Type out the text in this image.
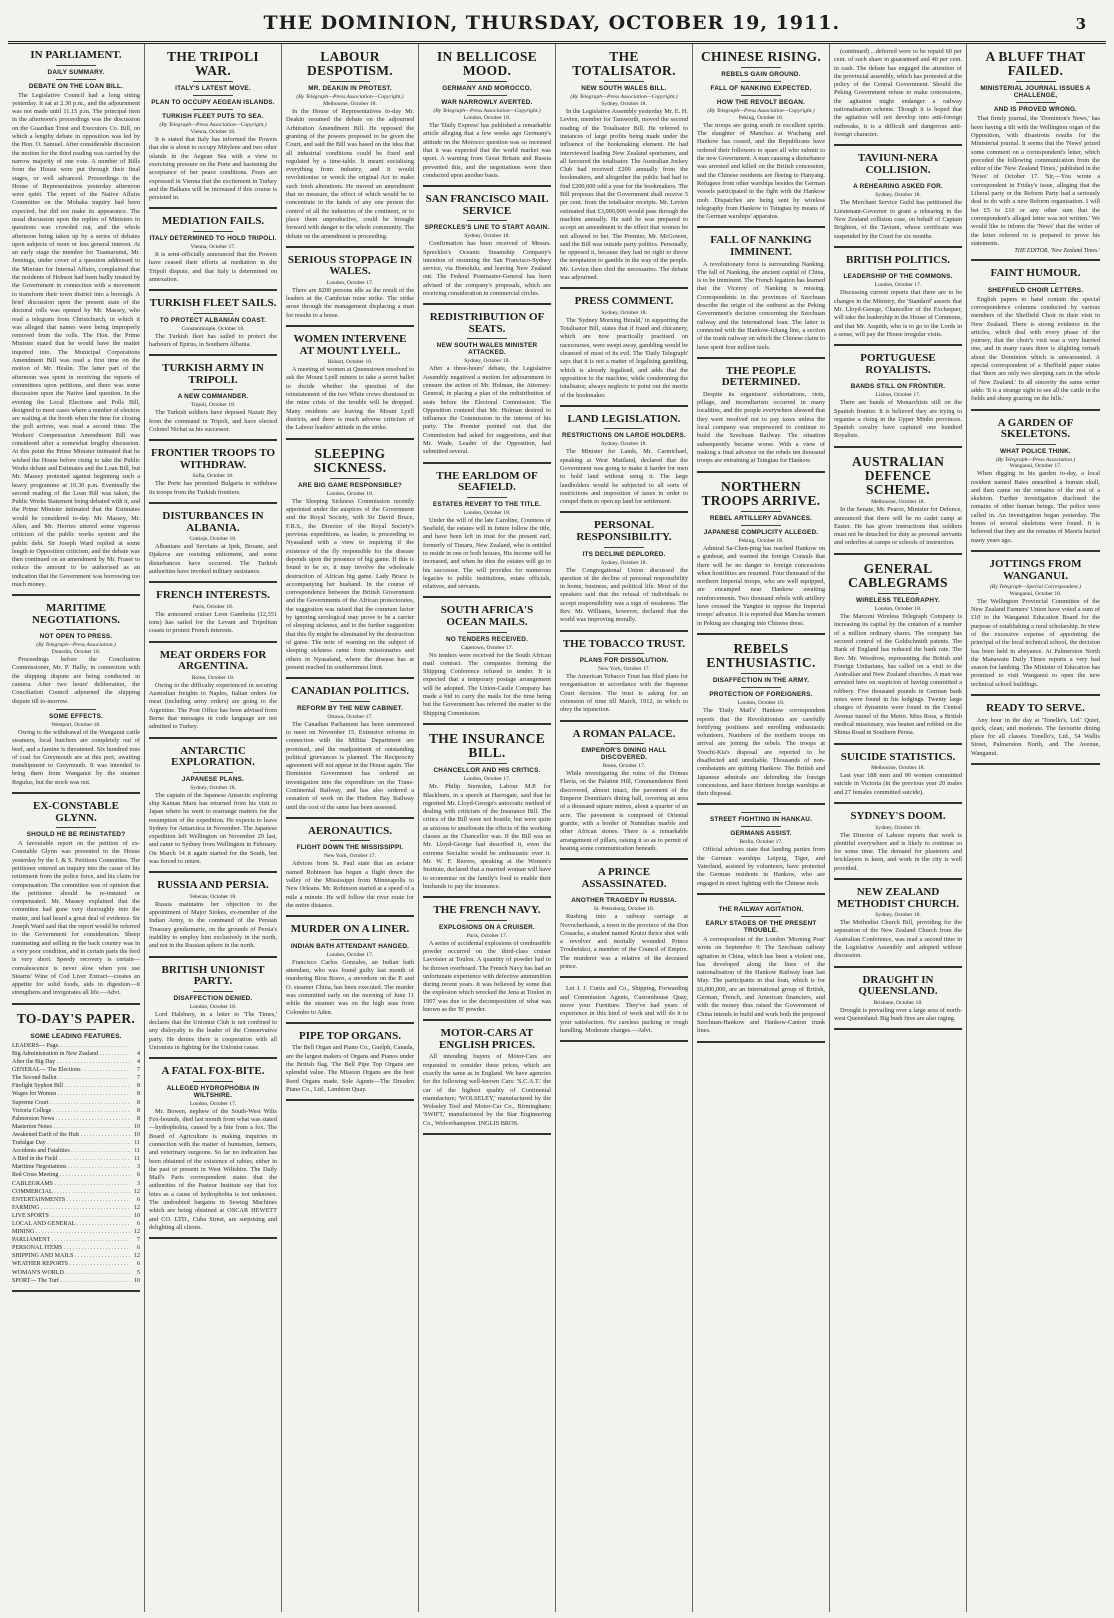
THE DOMINION, THURSDAY, OCTOBER 19, 1911.	3
IN PARLIAMENT.
DAILY SUMMARY.
DEBATE ON THE LOAN BILL.
The Legislative Council had a long sitting yesterday. It sat at 2.30 p.m., and the adjournment was not made until 11.15 p.m. The principal item in the afternoon's proceedings was the discussion on the Guardian Trust and Executors Co. Bill, on which a lengthy debate in opposition was led by the Hon. O. Samuel. After considerable discussion the motion for the third reading was carried by the narrow majority of one vote. A number of Bills from the House were put through their final stages, or well advanced. Proceedings in the House of Representatives yesterday afternoon were quiet. The report of the Native Affairs Committee on the Mohaka inquiry had been expected, but did not make its appearance. The usual discussion upon the replies of Ministers to questions was crowded out, and the whole afternoon being taken up by a series of debates upon subjects of more or less general interest. At an early stage the member for Tuamarunui, Mr. Jennings, under cover of a question addressed to the Minister for Internal Affairs, complained that the residents of Hobson had been badly treated by the Government in connection with a movement to transform their town district into a borough. A brief discussion upon the present state of the doctoral rolls was opened by Mr. Massey, who read a telegram from Christchurch, in which it was alleged that names were being improperly removed from the rolls. The Hon. the Prime Minister stated that he would have the matter inquired into. The Municipal Corporations Amendment Bill was read a first time on the motion of Mr. Heslin. The latter part of the afternoon was spent in receiving the reports of committees upon petitions, and there was some discussion upon the Native land question. In the evening the Local Elections and Polls Bill, designed to meet cases where a number of electors are waiting at the booth when the time for closing the poll arrives, was read a second time. The Workers' Compensation Amendment Bill was considered after a somewhat lengthy discussion. At this point the Prime Minister intimated that he wished the House before rising to take the Public Works debate and Estimates and the Loan Bill, but Mr. Massey protested against beginning such a heavy programme at 10.30 p.m. Eventually the second reading of the Loan Bill was taken, the Public Works Statement being debated with it, and the Prime Minister intimated that the Estimates would be considered to-day. Mr. Massey, Mr. Allen, and Mr. Herries uttered some vigorous criticism of the public works system and the public debt. Sir Joseph Ward replied at some length to Opposition criticism, and the debate was then continued on an amendment by Mr. Fraser to reduce the amount to be authorised as an indication that the Government was borrowing too much money.
MARITIME NEGOTIATIONS.
NOT OPEN TO PRESS.
(By Telegraph—Press Association.)
Dunedin, October 18.
Proceedings before the Conciliation Commissioner, Mr. P. Hally, in connection with the shipping dispute are being conducted in camera. After two hours' deliberation, the Conciliation Council adjourned the shipping dispute till to-morrow.
SOME EFFECTS.
Westport, October 18.
Owing to the withdrawal of the Wanganui cattle steamers, local butchers are completely out of beef, and a famine is threatened. Six hundred tons of coal for Greymouth are at this port, awaiting transhipment to Greymouth. It was intended to bring them from Wanganui by the steamer Regulus, but the stock was out.
EX-CONSTABLE GLYNN.
SHOULD HE BE REINSTATED?
A favourable report on the petition of ex-Constable Glynn was presented to the House yesterday by the I. & S. Petitions Committee. The petitioner entered an inquiry into the cause of his retirement from the police force, and his claim for compensation. The committee was of opinion that the petitioner should be re-instated or compensated. Mr. Massey explained that the committee had gone very thoroughly into the matter, and had heard a great deal of evidence. Sir Joseph Ward said that the report would be referred to the Government for consideration. Sheep ruminating and selling in the back country was in a very poor condition, and in certain parts the feed is very short. Speedy recovery is certain—convalescence is never slow when you use Stearns' Wine of Cod Liver Extract—creates an appetite for solid foods, aids in digestion—it strengthens and invigorates all life.—Advt.
TO-DAY'S PAPER.
SOME LEADING FEATURES.
LEADERS— Page. . . .
Big Administration in New Zealand . . .	4
After the Big Day . . .	4
GENERAL— The Elections . . .	7
The Second Ballot . . .	7
Firelight Syphon Bill . . .	8
Wages for Women . . .	8
Supreme Court . . .	8
Victoria College . . .	8
Palmerston News . . .	8
Masterton Notes . . .	10
Awakened Earth of the Hutt . . .	10
Trafalgar Day . . .	11
Accidents and Fatalities . . .	11
A Bird in the Field . . .	11
Maritime Negotiations . . .	3
Red Cross Meeting . . .	6
CABLEGRAMS . . .	3
COMMERCIAL . . .	12
ENTERTAINMENTS . . .	6
FARMING . . .	12
LIVE SPORTS . . .	10
LOCAL AND GENERAL . . .	6
MINING . . .	12
PARLIAMENT . . .	7
PERSONAL ITEMS . . .	6
SHIPPING AND MAILS . . .	12
WEATHER REPORTS . . .	6
WOMAN'S WORLD . . .	5
SPORT— The Turf . . .	10
THE TRIPOLI WAR.
ITALY'S LATEST MOVE.
PLAN TO OCCUPY AEGEAN ISLANDS.
TURKISH FLEET PUTS TO SEA.
(By Telegraph—Press Association—Copyright.)
Vienna, October 18.
It is stated that Italy has informed the Powers that she is about to occupy Mitylene and two other islands in the Aegean Sea with a view to exercising pressure on the Porte and hastening the acceptance of her peace conditions. Fears are expressed in Vienna that the excitement in Turkey and the Balkans will be increased if this course is persisted in.
MEDIATION FAILS.
ITALY DETERMINED TO HOLD TRIPOLI.
Vienna, October 17.
It is semi-officially announced that the Powers have ceased their efforts at mediation in the Tripoli dispute, and that Italy is determined on annexation.
TURKISH FLEET SAILS.
TO PROTECT ALBANIAN COAST.
Constantinople, October 18.
The Turkish fleet has sailed to protect the harbours of Epirus, in Southern Albania.
TURKISH ARMY IN TRIPOLI.
A NEW COMMANDER.
Tripoli, October 18.
The Turkish soldiers have deposed Nazair Bey from the command in Tripoli, and have elected Colonel Nichat as his successor.
FRONTIER TROOPS TO WITHDRAW.
Sofia, October 18.
The Porte has promised Bulgaria to withdraw its troops from the Turkish frontiers.
DISTURBANCES IN ALBANIA.
Cettinje, October 18.
Albanians and Servians at Ipek, Broane, and Djakova are resisting enlistment, and some disturbances have occurred. The Turkish authorities have invoked military assistance.
FRENCH INTERESTS.
Paris, October 18.
The armoured cruiser Leon Gambetta (12,351 tons) has sailed for the Levant and Tripolitan coasts to protect French interests.
MEAT ORDERS FOR ARGENTINA.
Rome, October 18.
Owing to the difficulty experienced in securing Australian freights to Naples, Italian orders for meat (including army orders) are going to the Argentine. The Post Office has been advised from Berne that messages in code language are not admitted to Turkey.
ANTARCTIC EXPLORATION.
JAPANESE PLANS.
Sydney, October 18.
The captain of the Japanese Antarctic exploring ship Kainan Maru has returned from his visit to Japan where he went to rearrange matters for the resumption of the expedition. He expects to leave Sydney for Antarctica in November. The Japanese expedition left Wellington on November 29 last, and came to Sydney from Wellington in February. On March 14 it again started for the South, but was forced to return.
RUSSIA AND PERSIA.
Teheran, October 18.
Russia maintains her objection to the appointment of Major Stokes, ex-member of the Indian Army, to the command of the Persian Treasury gendarmerie, on the grounds of Persia's inability to employ him exclusively in the north, and not in the Russian sphere in the north.
BRITISH UNIONIST PARTY.
DISAFFECTION DENIED.
London, October 18.
Lord Halsbury, in a letter to 'The Times,' declares that the Unionist Club is not confined to any disloyalty to the leader of the Conservative party. He denies there is cooperation with all Unionists in fighting for the Unionist cause.
A FATAL FOX-BITE.
ALLEGED HYDROPHOBIA IN WILTSHIRE.
London, October 17.
Mr. Bowen, nephew of the South-West Wilts Fox-hounds, died last month from what was stated—hydrophobia, caused by a bite from a fox. The Board of Agriculture is making inquiries in connection with the matter of huntsmen, farmers, and veterinary surgeons. So far no indication has been obtained of the existence of rabies, either in the past or present in West Wiltshire. The Daily Mail's Paris correspondent states that the authorities of the Pasteur Institute say that fox bites as a cause of hydrophobia is not unknown. The undoubted bargains in Sewing Machines which are being obtained at OSCAR HEWETT and CO. LTD., Cuba Street, are surprising and delighting all clients.
LABOUR DESPOTISM.
MR. DEAKIN IN PROTEST.
(By Telegraph—Press Association—Copyright.)
Melbourne, October 18.
In the House of Representatives to-day Mr. Deakin resumed the debate on the adjourned Arbitration Amendment Bill. He opposed the granting of the powers proposed to be given the Court, and said the Bill was based on the idea that all industrial conditions could be fixed and regulated by a time-table. It meant socialising everything from industry, and it would revolutionise or wreck the original Act to make such fresh alterations. He moved an amendment that no measure, the effect of which would be to concentrate in the hands of any one person the control of all the industries of the continent, or to place them unproductive, could be brought forward with danger to the whole community. The debate on the amendment is proceeding.
SERIOUS STOPPAGE IN WALES.
London, October 17.
There are 8200 persons idle as the result of the leaders at the Cambrian mine strike. The strike arose through the management displacing a man for results to a horse.
WOMEN INTERVENE AT MOUNT LYELL.
Hobart, October 18.
A meeting of women at Queenstown resolved to ask the Mount Lyell miners to take a secret ballot to decide whether the question of the reinstatement of the two White crews dismissed in the mine crisis of the trouble will be dropped. Many residents are leaving the Mount Lyell districts, and there is much adverse criticism of the Labour leaders' attitude in the strike.
SLEEPING SICKNESS.
ARE BIG GAME RESPONSIBLE?
London, October 18.
The Sleeping Sickness Commission recently appointed under the auspices of the Government and the Royal Society, with Sir David Bruce, F.R.S., the Director of the Royal Society's previous expeditions, as leader, is proceeding to Nyasaland with a view to inquiring if the existence of the fly responsible for the disease depends upon the presence of big game. If this is found to be so, it may involve the wholesale destruction of African big game. Lady Bruce is accompanying her husband. In the course of correspondence between the British Government and the Governments of the African protectorates, the suggestion was raised that the common factor by ignoring serological may prove to be a carrier of sleeping sickness, and to the further suggestion that this fly might be eliminated by the destruction of game. The note of warning on the subject of sleeping sickness came from missionaries and others in Nyasaland, where the disease has at present reached its southernmost limit.
CANADIAN POLITICS.
REFORM BY THE NEW CABINET.
Ottawa, October 17.
The Canadian Parliament has been summoned to meet on November 15. Extensive reforms in connection with the Militia Department are promised, and the readjustment of outstanding political grievances is planned. The Reciprocity agreement will not appear in the House again. The Dominion Government has ordered an investigation into the expenditure on the Trans-Continental Railway, and has also ordered a cessation of work on the Hudson Bay Railway until the cost of the same has been assessed.
AERONAUTICS.
FLIGHT DOWN THE MISSISSIPPI.
New York, October 17.
Advices from St. Paul state that an aviator named Robinson has begun a flight down the valley of the Mississippi from Minneapolis to New Orleans. Mr. Robinson started at a speed of a mile a minute. He will follow the river route for the entire distance.
MURDER ON A LINER.
INDIAN BATH ATTENDANT HANGED.
London, October 17.
Francisco Carlos Gonzales, an Indian bath attendant, who was found guilty last month of murdering Biou Bravo, a stevedore on the P. and O. steamer China, has been executed. The murder was committed early on the morning of June 11 while the steamer was on the high seas from Colombo to Aden.
PIPE TOP ORGANS.
The Bell Organ and Piano Co., Guelph, Canada, are the largest makers of Organs and Pianos under the British flag. The Bell Pipe Top Organs are splendid value. The Mission Organs are the best Reed Organs made. Sole Agents—The Dresden Piano Co., Ltd., Lambton Quay.
IN BELLICOSE MOOD.
GERMANY AND MOROCCO.
WAR NARROWLY AVERTED.
(By Telegraph—Press Association—Copyright.)
London, October 18.
The 'Daily Express' has published a remarkable article alleging that a few weeks ago Germany's attitude on the Morocco question was so incensed that it was expected that the world market was upset. A warning from Great Britain and Russia prevented this, and the negotiations were then conducted upon another basis.
SAN FRANCISCO MAIL SERVICE
SPRECKLES'S LINE TO START AGAIN.
Sydney, October 18.
Confirmation has been received of Messrs. Spreckles's Oceanic Steamship Company's intention of resuming the San Francisco-Sydney service, via Honolulu, and leaving New Zealand out. The Federal Postmaster-General has been advised of the company's proposals, which are receiving consideration in commercial circles.
REDISTRIBUTION OF SEATS.
NEW SOUTH WALES MINISTER ATTACKED.
Sydney, October 18.
After a three-hours' debate, the Legislative Assembly negatived a motion for adjournment to censure the action of Mr. Holman, the Attorney-General, in placing a plan of the redistribution of seats before the Electoral Commission. The Opposition contend that Mr. Holman desired to influence the Commission in the interest of his party. The Premier pointed out that the Commission had asked for suggestions, and that Mr. Wade, Leader of the Opposition, had submitted several.
THE EARLDOM OF SEAFIELD.
ESTATES REVERT TO THE TITLE.
London, October 18.
Under the will of the late Caroline, Countess of Seafield, the estates will in future follow the title, and have been left in trust for the present earl, formerly of Timaru, New Zealand, who is entitled to reside in one or both houses, His income will be increased, and when he dies the estates will go to his successor. The will provides for numerous legacies to public institutions, estate officials, relatives, and servants.
SOUTH AFRICA'S OCEAN MAILS.
NO TENDERS RECEIVED.
Capetown, October 17.
No tenders were received for the South African mail contract. The companies forming the Shipping Conference refused to tender. It is expected that a temporary postage arrangement will be adopted. The Union-Castle Company has made a bid to carry the mails for the time being but the Government has referred the matter to the Shipping Commission.
THE INSURANCE BILL.
CHANCELLOR AND HIS CRITICS.
London, October 17.
Mr. Philip Snowden, Labour M.P. for Blackburn, in a speech at Harrogate, said that he regretted Mr. Lloyd-George's autocratic method of dealing with criticism of the Insurance Bill. The critics of the Bill were not hostile, but were quite as anxious to ameliorate the effects of the working classes as the Chancellor was. If the Bill was as Mr. Lloyd-George had described it, even the extreme Socialist would be enthusiastic over it. Mr. W. F. Reeves, speaking at the Women's Institute, declared that a married woman will have to economise on the family's food to enable their husbands to pay the insurance.
THE FRENCH NAVY.
EXPLOSIONS ON A CRUISER.
Paris, October 17.
A series of accidental explosions of combustible powder occurred on the third-class cruiser Lavoisier at Toulon. A quantity of powder had to be thrown overboard. The French Navy has had an unfortunate experience with defective ammunition during recent years. It was believed by some that the explosion which wrecked the Jena at Toulon in 1907 was due to the decomposition of what was known as the 'B' powder.
MOTOR-CARS AT ENGLISH PRICES.
All intending buyers of Motor-Cars are requested to consider these prices, which are exactly the same as in England. We have agencies for the following well-known Cars: 'S.C.A.T.' the car of the highest quality of Continental manufacture; 'WOLSELEY,' manufactured by the Wolseley Tool and Motor-Car Co., Birmingham; 'SWIFT,' manufactured by the Star Engineering Co., Wolverhampton. INGLIS BROS.
THE TOTALISATOR.
NEW SOUTH WALES BILL.
(By Telegraph—Press Association—Copyright.)
Sydney, October 18.
In the Legislative Assembly yesterday Mr. E. H. Levien, member for Tamworth, moved the second reading of the Totalisator Bill. He referred to instances of large profits being made under the influence of the bookmaking element. He had interviewed leading New Zealand sportsmen, and all favoured the totalisator. The Australian Jockey Club had received £200 annually from the bookmakers, and altogether the public had had to find £200,000 odd a year for the bookmakers. The Bill proposes that the Government shall receive 5 per cent. from the totalisator receipts. Mr. Levien estimated that £3,000,000 would pass through the machine annually. He said he was prepared to accept an amendment to the effect that women be not allowed to bet. The Premier, Mr. McGowen, said the Bill was outside party politics. Personally, he opposed it, because they had no right to throw the temptation to gamble in the way of the people. Mr. Levien then chid the necessaries. The debate was adjourned.
PRESS COMMENT.
Sydney, October 18.
The 'Sydney Morning Herald,' in supporting the Totalisator Bill, states that if fraud and chicanery, which are now practically practised on racecourses, were swept away, gambling would be cleansed of most of its evil. The 'Daily Telegraph' says that it is not a matter of legalising gambling, which is already legalised, and adds that the opposition to the machine, while condemning the totalisator, always neglects to point out the merits of the bookmaker.
LAND LEGISLATION.
RESTRICTIONS ON LARGE HOLDERS.
Sydney, October 18.
The Minister for Lands, Mr. Carmichael, speaking at West Maitland, declared that the Government was going to make it harder for men to hold land without using it. The large landholders would be subjected to all sorts of restrictions and imposition of taxes in order to compel them to open up land for settlement.
PERSONAL RESPONSIBILITY.
ITS DECLINE DEPLORED.
Sydney, October 18.
The Congregational Union discussed the question of the decline of personal responsibility in home, business, and political life. Most of the speakers said that the refusal of individuals to accept responsibility was a sign of weakness. The Rev. Mr. Williams, however, declared that the world was improving morally.
THE TOBACCO TRUST.
PLANS FOR DISSOLUTION.
New York, October 17.
The American Tobacco Trust has filed plans for reorganisation in accordance with the Supreme Court decision. The trust is asking for an extension of time till March, 1912, in which to obey the injunction.
A ROMAN PALACE.
EMPEROR'S DINING HALL DISCOVERED.
Rome, October 17.
While investigating the ruins of the Domus Flavia, on the Palatine Hill, Commendatore Boni discovered, almost intact, the pavement of the Emperor Domitian's dining hall, covering an area of a thousand square metres, about a quarter of an acre. The pavement is composed of Oriental granite, with a border of Numidian marble and other African stones. There is a remarkable arrangement of pillars, raising it so as to permit of heating some communication beneath.
A PRINCE ASSASSINATED.
ANOTHER TRAGEDY IN RUSSIA.
St. Petersburg, October 18.
Rushing into a railway carriage at Novocherkassk, a town in the province of the Don Cossacks, a student named Krutzi thrice shot with a revolver and mortally wounded Prince Troubetskoi, a member of the Council of Empire. The murderer was a relative of the deceased prince.
Let J. J. Curtis and Co., Shipping, Forwarding and Commission Agents, Customhouse Quay, move your Furniture. They've had years of experience in this kind of work and will do it to your satisfaction. No careless packing or rough handling. Moderate charges.—Advt.
CHINESE RISING.
REBELS GAIN GROUND.
FALL OF NANKING EXPECTED.
HOW THE REVOLT BEGAN.
(By Telegraph—Press Association—Copyright.)
Peking, October 18.
The troops are going south in excellent spirits. The slaughter of Manchus at Wuchang and Hankow has ceased, and the Republicans have ordered their followers to spare all who submit to the new Government. A man causing a disturbance was arrested and killed on the British concession, and the Chinese residents are fleeing to Hanyang. Refugees from other warships besides the German vessels participated in the fight with the Hankow mob. Dispatches are being sent by wireless telegraphy from Hankow to Tsingtau by means of the German warships' apparatus.
FALL OF NANKING IMMINENT.
A revolutionary force is surrounding Nanking. The fall of Nanking, the ancient capital of China, is to be imminent. The French legation has learned that the Viceroy of Nanking is missing. Correspondents in the provinces of Szechuan describe the origin of the outburst as the Peking Government's decision concerning the Szechuan railway and the international loan. The latter is connected with the Hankow-Ichang line, a section of the trunk railway on which the Chinese claim to have spent four million taels.
THE PEOPLE DETERMINED.
Despite its organisers' exhortations, riots, pillage, and incendiarism occurred in many localities, and the people everywhere showed that they were resolved not to pay taxes unless the local company was empowered to continue to build the Szechuan Railway. The situation subsequently became worse. With a view of making a final advance on the rebels ten thousand troops are entraining at Tsingtau for Hankow.
NORTHERN TROOPS ARRIVE.
REBEL ARTILLERY ADVANCES.
JAPANESE COMPLICITY ALLEGED.
Peking, October 18.
Admiral Sa-Chen-ping has reached Hankow on a gunboat, and warned the foreign Consuls that there will be no danger to foreign concessions when hostilities are resumed. Four thousand of the northern Imperial troops, who are well equipped, are encamped near Hankow awaiting reinforcements. Two thousand rebels with artillery have crossed the Yangtze to oppose the Imperial troops' advance. It is reported that Mancha women in Peking are changing into Chinese dress.
REBELS ENTHUSIASTIC.
DISAFFECTION IN THE ARMY.
PROTECTION OF FOREIGNERS.
London, October 18.
The 'Daily Mail's' Hankow correspondent reports that the Revolutionists are carefully fortifying positions and enrolling enthusiastic volunteers. Numbers of the northern troops on arrival are joining the rebels. The troops at Yoochi-Kia's disposal are reported to be disaffected and unreliable. Thousands of non-combatants are quitting Hankow. The British and Japanese admirals are defending the foreign concessions, and have thirteen foreign warships at their disposal.
STREET FIGHTING IN HANKAU.
GERMANS ASSIST.
Berlin, October 17.
Official advices state that landing parties from the German warships Leipzig, Tiger, and Vaterland, assisted by volunteers, have protected the German residents in Hankow, who are engaged in street fighting with the Chinese mob.
THE RAILWAY AGITATION.
EARLY STAGES OF THE PRESENT TROUBLE.
A correspondent of the London 'Morning Post' wrote on September 9: The Szechuan railway agitation in China, which has been a violent one, has developed along the lines of the nationalisation of the Hankow Railway loan last May. The participants in that loan, which is for £6,000,000, are an international group of British, German, French, and American financiers, and with the money thus raised the Government of China intends to build and work both the proposed Szechuan-Hankow and Hankow-Canton trunk lines.
(continued) ...deferred were to be repaid 60 per cent. of such share in guaranteed and 40 per cent. in cash. The debate has engaged the attention of the provincial assembly, which has protested at the policy of the Central Government. Should the Peking Government refuse to make concessions, the agitation might endanger a railway nationalisation scheme. Though it is hoped that the agitation will not develop into anti-foreign outbreaks, it is a difficult and dangerous anti-foreign character.
TAVIUNI-NERA COLLISION.
A REHEARING ASKED FOR.
Sydney, October 18.
The Merchant Service Guild has petitioned the Lieutenant-Governor to grant a rehearing in the New Zealand collision case, on behalf of Captain Brighton, of the Taviuni, whose certificate was suspended by the Court for six months.
BRITISH POLITICS.
LEADERSHIP OF THE COMMONS.
London, October 17.
Discussing current reports that there are to be changes in the Ministry, the 'Standard' asserts that Mr. Lloyd-George, Chancellor of the Exchequer, will take the leadership in the House of Commons, and that Mr. Asquith, who is to go to the Lords in a sense, will pay the House irregular visits.
PORTUGUESE ROYALISTS.
BANDS STILL ON FRONTIER.
Lisbon, October 17.
There are bands of Monarchists still on the Spanish frontier. It is believed they are trying to organise a rising in the Upper Minho provinces. Spanish cavalry have captured one hundred Royalists.
AUSTRALIAN DEFENCE SCHEME.
Melbourne, October 18.
In the Senate, Mr. Pearce, Minister for Defence, announced that there will be no cadet camp at Easter. He has given instructions that soldiers must not be detached for duty as personal servants and orderlies at camps or schools of instruction.
GENERAL CABLEGRAMS
WIRELESS TELEGRAPHY.
London, October 18.
The Marconi Wireless Telegraph Company is increasing its capital by the creation of a number of a million ordinary shares. The company has secured control of the Goldschmidt patents. The Bank of England has reduced the bank rate. The Rev. Mr. Woodrow, representing the British and Foreign Unitarians, has called on a visit to the Australian and New Zealand churches. A man was arrested here on suspicion of having committed a robbery. Five thousand pounds in German bank notes were found in his lodgings. Twenty large charges of dynamite were found in the Central Avenue tunnel of the Metro. Miss Ross, a British medical missionary, was beaten and robbed on the Shima Road in Southern Persia.
SUICIDE STATISTICS.
Melbourne, October 18.
Last year 188 men and 90 women committed suicide in Victoria (in the previous year 20 males and 27 females committed suicide).
SYDNEY'S DOOM.
Sydney, October 18.
The Director of Labour reports that work is plentiful everywhere and is likely to continue so for some time. The demand for plasterers and bricklayers is keen, and work in the city is well provided.
NEW ZEALAND METHODIST CHURCH.
Sydney, October 18.
The Methodist Church Bill, providing for the separation of the New Zealand Church from the Australian Conference, was read a second time in the Legislative Assembly and adopted without discussion.
DRAUGHT IN QUEENSLAND.
Brisbane, October 18.
Drought is prevailing over a large area of north-west Queensland. Big bush fires are also raging.
A BLUFF THAT FAILED.
MINISTERIAL JOURNAL ISSUES A CHALLENGE,
AND IS PROVED WRONG.
That firmly journal, the 'Dominion's News,' has been having a tilt with the Wellington organ of the Opposition, with disastrous results for the Ministerial journal. It seems that the 'News' prized some comment on a correspondent's letter, which preceded the following communication from the editor of the 'New Zealand Times,' published in the 'News' of October 17. 'Sir,—You wrote a correspondent in Friday's issue, alleging that the Liberal party or the Reform Party had a seriously deal to do with a new Reform organisation. I will bet £5 to £10 or any other sum that the correspondent's alleged letter was not written.' We would like to inform the 'News' that the writer of the letter referred to is prepared to prove his statements.
THE EDITOR, 'New Zealand Times.'
FAINT HUMOUR.
SHEFFIELD CHOIR LETTERS.
English papers to hand contain the special correspondence columns conducted by various members of the Sheffield Choir in their visit to New Zealand. There is strong evidence in the articles, which deal with every phase of the journey, that the choir's visit was a very hurried one, and in many cases there is slighting remark about the Dominion which is unwarranted. A special correspondent of a Sheffield paper states that 'there are only two sleeping cars in the whole of New Zealand.' In all sincerity the same writer adds: 'It is a strange sight to see all the cattle in the fields and sheep grazing on the hills.'
A GARDEN OF SKELETONS.
WHAT POLICE THINK.
(By Telegraph—Press Association.)
Wanganui, October 17.
When digging in his garden to-day, a local resident named Bates unearthed a human skull, and then came on the remains of the rest of a skeleton. Further investigation disclosed the remains of other human beings. The police were called in. An investigation began yesterday. The bones of several skeletons were found. It is believed that they are the remains of Maoris buried many years ago.
JOTTINGS FROM WANGANUI.
(By Telegraph—Special Correspondent.)
Wanganui, October 18.
The Wellington Provincial Committee of the New Zealand Farmers' Union have voted a sum of £10 to the Wanganui Education Board for the purpose of establishing a rural scholarship. In view of the excessive expense of appointing the principal of the local technical school, the decision has been held in abeyance. At Palmerston North the Manawatu Daily Times reports a very bad season for lambing. The Minister of Education has promised to visit Wanganui to open the new technical school buildings.
READY TO SERVE.
Any hour in the day at 'Tonello's, Ltd.' Quiet, quick, clean, and moderate. The favourite dining place for all classes. Tonello's, Ltd., 54 Wallis Street, Palmerston North, and The Avenue, Wanganui.
